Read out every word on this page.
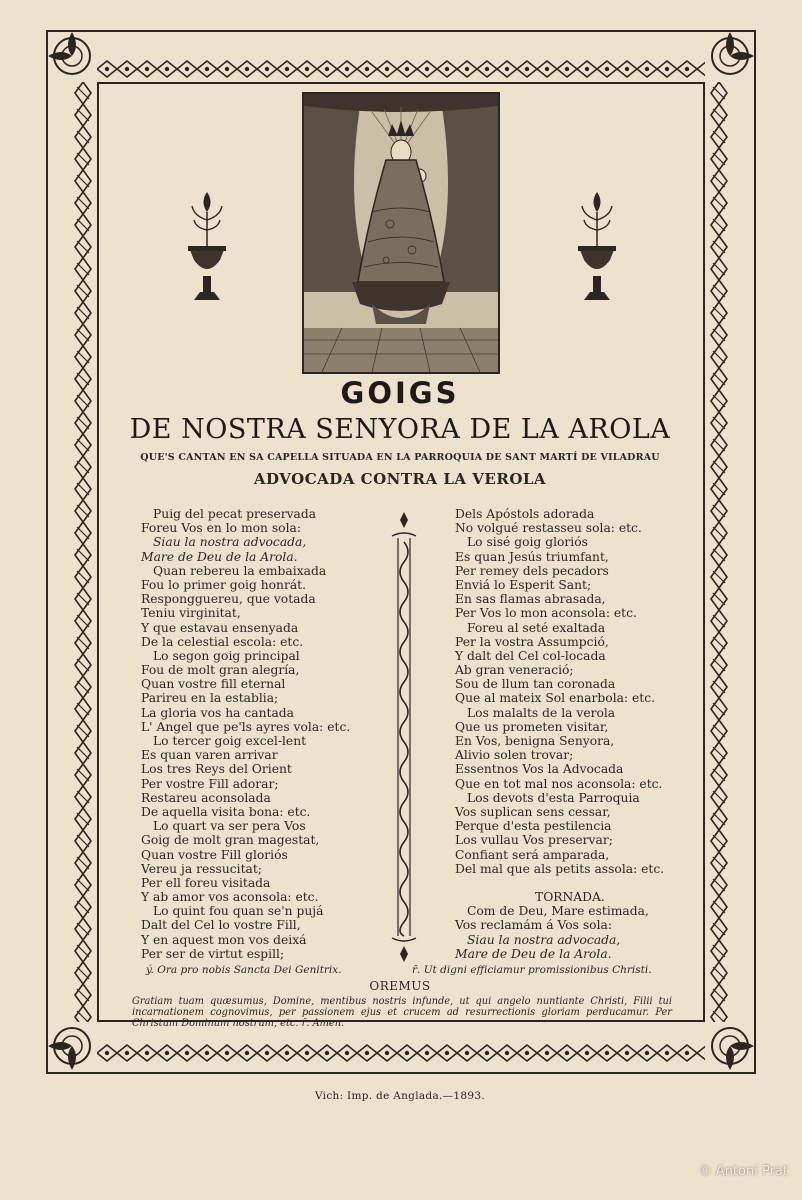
GOIGS
DE NOSTRA SENYORA DE LA AROLA
QUE'S CANTAN EN SA CAPELLA SITUADA EN LA PARROQUIA DE SANT MARTÍ DE VILADRAU
ADVOCADA CONTRA LA VEROLA
Puig del pecat preservada
Foreu Vos en lo mon sola:
Siau la nostra advocada,
Mare de Deu de la Arola.
Quan rebereu la embaixada
Fou lo primer goig honrát.
Respongguereu, que votada
Teniu virginitat,
Y que estavau ensenyada
De la celestial escola: etc.
Lo segon goig principal
Fou de molt gran alegría,
Quan vostre fill eternal
Parireu en la establia;
La gloria vos ha cantada
L' Angel que pe'ls ayres vola: etc.
Lo tercer goig excel-lent
Es quan varen arrivar
Los tres Reys del Orient
Per vostre Fill adorar;
Restareu aconsolada
De aquella visita bona: etc.
Lo quart va ser pera Vos
Goig de molt gran magestat,
Quan vostre Fill gloriós
Vereu ja ressucitat;
Per ell foreu visitada
Y ab amor vos aconsola: etc.
Lo quint fou quan se'n pujá
Dalt del Cel lo vostre Fill,
Y en aquest mon vos deixá
Per ser de virtut espill;
Dels Apóstols adorada
No volgué restasseu sola: etc.
Lo sisé goig gloriós
Es quan Jesús triumfant,
Per remey dels pecadors
Enviá lo Esperit Sant;
En sas flamas abrasada,
Per Vos lo mon aconsola: etc.
Foreu al seté exaltada
Per la vostra Assumpció,
Y dalt del Cel col-locada
Ab gran veneració;
Sou de llum tan coronada
Que al mateix Sol enarbola: etc.
Los malalts de la verola
Que us prometen visitar,
En Vos, benigna Senyora,
Alivio solen trovar;
Essentnos Vos la Advocada
Que en tot mal nos aconsola: etc.
Los devots d'esta Parroquia
Vos suplican sens cessar,
Perque d'esta pestilencia
Los vullau Vos preservar;
Confiant será amparada,
Del mal que als petits assola: etc.
TORNADA.
Com de Deu, Mare estimada,
Vos reclamám á Vos sola:
Siau la nostra advocada,
Mare de Deu de la Arola.
ý. Ora pro nobis Sancta Dei Genitrix.	ȓ. Ut digni efficiamur promissionibus Christi.
OREMUS
Gratiam tuam quæsumus, Domine, mentibus nostris infunde, ut qui angelo nuntiante Christi, Filii tui incarnationem cognovimus, per passionem ejus et crucem ad resurrectionis gloriam perducamur. Per Christum Dominum nostrum, etc. ȓ. Amen.
Vich: Imp. de Anglada.—1893.
© Antoni Prat
